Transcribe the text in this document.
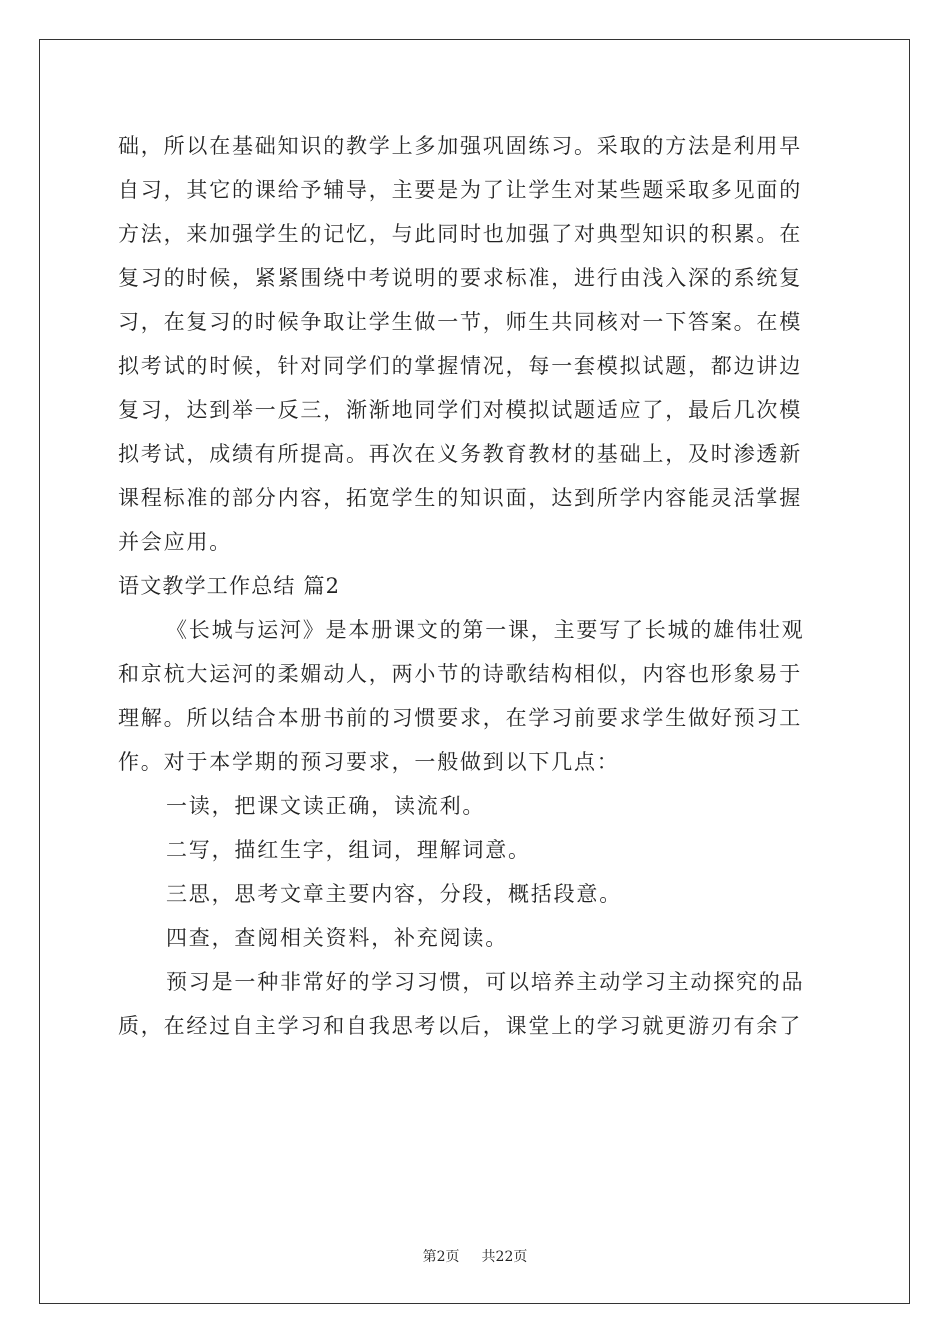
础，所以在基础知识的教学上多加强巩固练习。采取的方法是利用早
自习，其它的课给予辅导，主要是为了让学生对某些题采取多见面的
方法，来加强学生的记忆，与此同时也加强了对典型知识的积累。在
复习的时候，紧紧围绕中考说明的要求标准，进行由浅入深的系统复
习，在复习的时候争取让学生做一节，师生共同核对一下答案。在模
拟考试的时候，针对同学们的掌握情况，每一套模拟试题，都边讲边
复习，达到举一反三，渐渐地同学们对模拟试题适应了，最后几次模
拟考试，成绩有所提高。再次在义务教育教材的基础上，及时渗透新
课程标准的部分内容，拓宽学生的知识面，达到所学内容能灵活掌握
并会应用。
语文教学工作总结 篇2
《长城与运河》是本册课文的第一课，主要写了长城的雄伟壮观
和京杭大运河的柔媚动人，两小节的诗歌结构相似，内容也形象易于
理解。所以结合本册书前的习惯要求，在学习前要求学生做好预习工
作。对于本学期的预习要求，一般做到以下几点：
一读，把课文读正确，读流利。
二写，描红生字，组词，理解词意。
三思，思考文章主要内容，分段，概括段意。
四查，查阅相关资料，补充阅读。
预习是一种非常好的学习习惯，可以培养主动学习主动探究的品
质，在经过自主学习和自我思考以后，课堂上的学习就更游刃有余了
第2页 共22页
